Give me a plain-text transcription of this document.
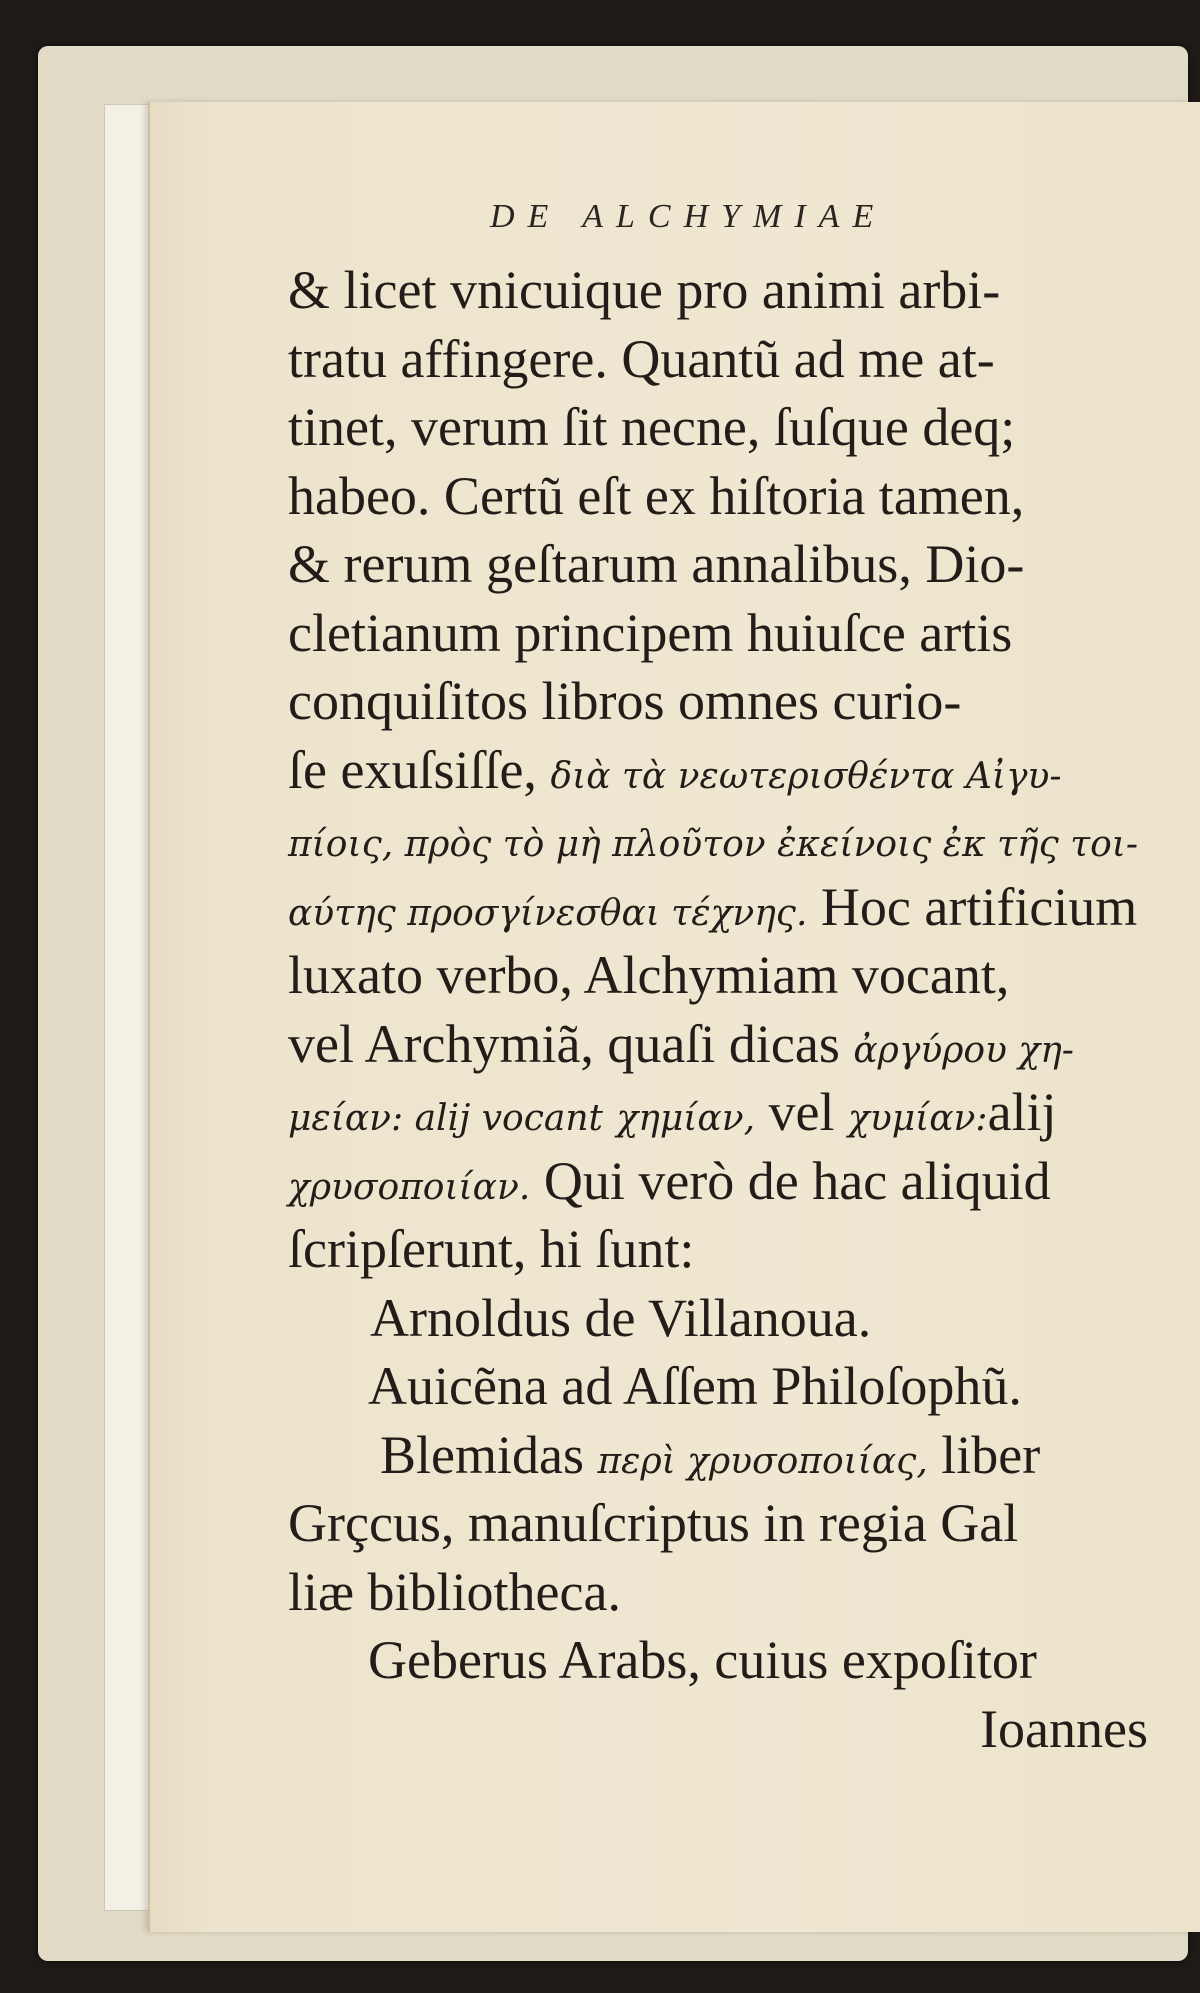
DE ALCHYMIAE
& licet vnicuique pro animi arbi-
tratu affingere. Quantũ ad me at-
tinet, verum ſit necne, ſuſque deq;
habeo. Certũ eſt ex hiſtoria tamen,
& rerum geſtarum annalibus, Dio-
cletianum principem huiuſce artis
conquiſitos libros omnes curio-
ſe exuſsiſſe, διὰ τὰ νεωτερισθέντα Αἰγυ-
πίοις, πρὸς τὸ μὴ πλοῦτον ἐκείνοις ἐκ τῆς τοι-
αύτης προσγίνεσθαι τέχνης. Hoc artificium
luxato verbo, Alchymiam vocant,
vel Archymiã, quaſi dicas ἀργύρου χη-
μείαν: alij vocant χημίαν, vel χυμίαν:alij
χρυσοποιίαν. Qui verò de hac aliquid
ſcripſerunt, hi ſunt:
Arnoldus de Villanoua.
Auicẽna ad Aſſem Philoſophũ.
Blemidas περὶ χρυσοποιίας, liber
Grçcus, manuſcriptus in regia Gal
liæ bibliotheca.
Geberus Arabs, cuius expoſitor
Ioannes
